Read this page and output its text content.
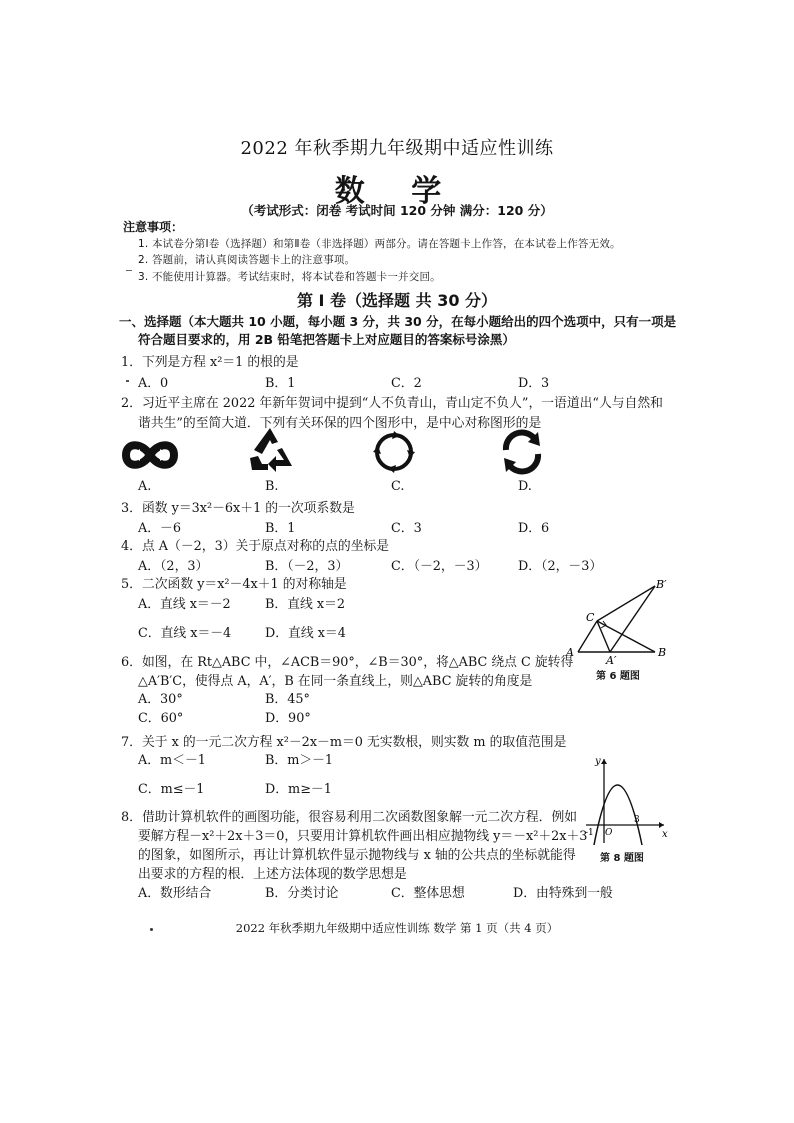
2022 年秋季期九年级期中适应性训练
数 学
（考试形式：闭卷 考试时间 120 分钟 满分：120 分）
注意事项：
1. 本试卷分第Ⅰ卷（选择题）和第Ⅱ卷（非选择题）两部分。请在答题卡上作答，在本试卷上作答无效。
2. 答题前，请认真阅读答题卡上的注意事项。
3. 不能使用计算器。考试结束时，将本试卷和答题卡一并交回。
第 I 卷（选择题 共 30 分）
一、选择题（本大题共 10 小题，每小题 3 分，共 30 分，在每小题给出的四个选项中，只有一项是
符合题目要求的，用 2B 铅笔把答题卡上对应题目的答案标号涂黑）
1．下列是方程 x²＝1 的根的是
A．0	B．1	C．2	D．3
2．习近平主席在 2022 年新年贺词中提到“人不负青山，青山定不负人”，一语道出“人与自然和
谐共生”的至简大道．下列有关环保的四个图形中，是中心对称图形的是
A.	B.	C.	D.
3．函数 y＝3x²－6x＋1 的一次项系数是
A．－6	B．1	C．3	D．6
4．点 A（－2，3）关于原点对称的点的坐标是
A．（2，3）	B．（－2，3）	C．（－2，－3） D．（2，－3）
5．二次函数 y＝x²－4x＋1 的对称轴是
A．直线 x＝－2	B．直线 x＝2
C．直线 x＝－4	D．直线 x＝4
A
A′
B
B′
C
第 6 题图
6．如图，在 Rt△ABC 中，∠ACB＝90°，∠B＝30°，将△ABC 绕点 C 旋转得
△A′B′C，使得点 A，A′，B 在同一条直线上，则△ABC 旋转的角度是
A．30°	B．45°
C．60°	D．90°
7．关于 x 的一元二次方程 x²－2x－m＝0 无实数根，则实数 m 的取值范围是
A．m＜－1	B．m＞－1
C．m≤－1	D．m≥－1
y
x
O
-1
3
第 8 题图
8．借助计算机软件的画图功能，很容易利用二次函数图象解一元二次方程．例如
要解方程－x²＋2x＋3＝0，只要用计算机软件画出相应抛物线 y＝－x²＋2x＋3
的图象，如图所示，再让计算机软件显示抛物线与 x 轴的公共点的坐标就能得
出要求的方程的根．上述方法体现的数学思想是
A．数形结合	B．分类讨论	C．整体思想	D．由特殊到一般
2022 年秋季期九年级期中适应性训练 数学 第 1 页（共 4 页）
